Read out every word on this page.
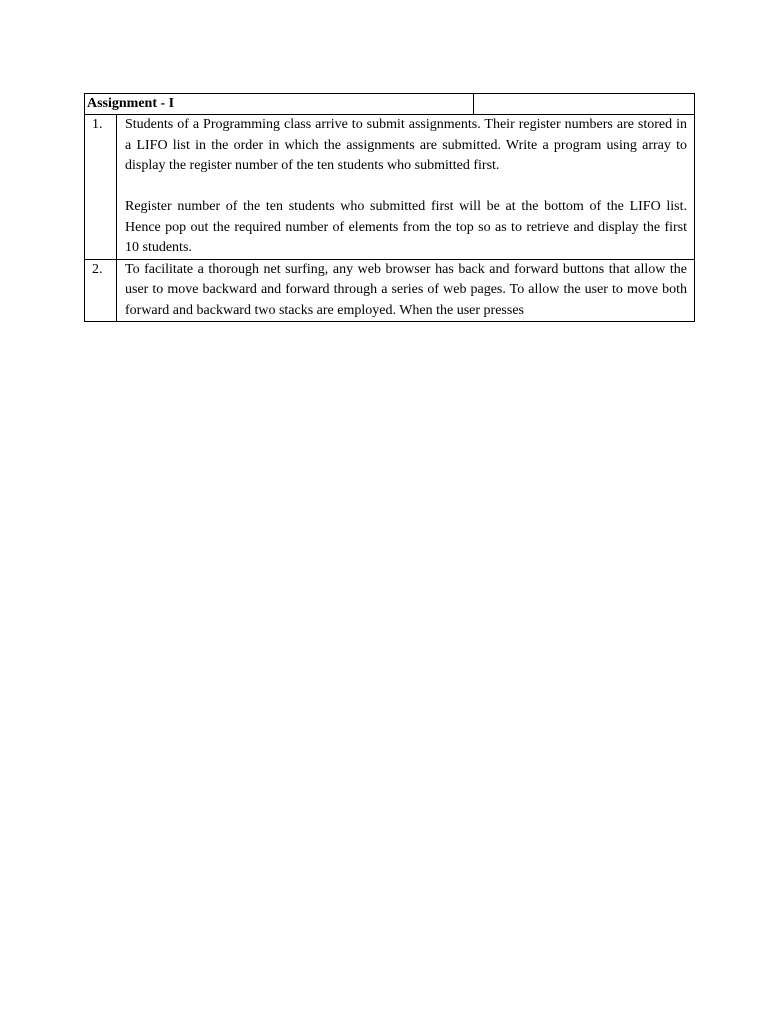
Assignment - I		
1.	Students of a Programming class arrive to submit assignments. Their register numbers are stored in a LIFO list in the order in which the assignments are submitted. Write a program using array to display the register number of the ten students who submitted first.

Register number of the ten students who submitted first will be at the bottom of the LIFO list. Hence pop out the required number of elements from the top so as to retrieve and display the first 10 students.	

2.	To facilitate a thorough net surfing, any web browser has back and forward buttons that allow the user to move backward and forward through a series of web pages. To allow the user to move both forward and backward two stacks are employed. When the user presses	
